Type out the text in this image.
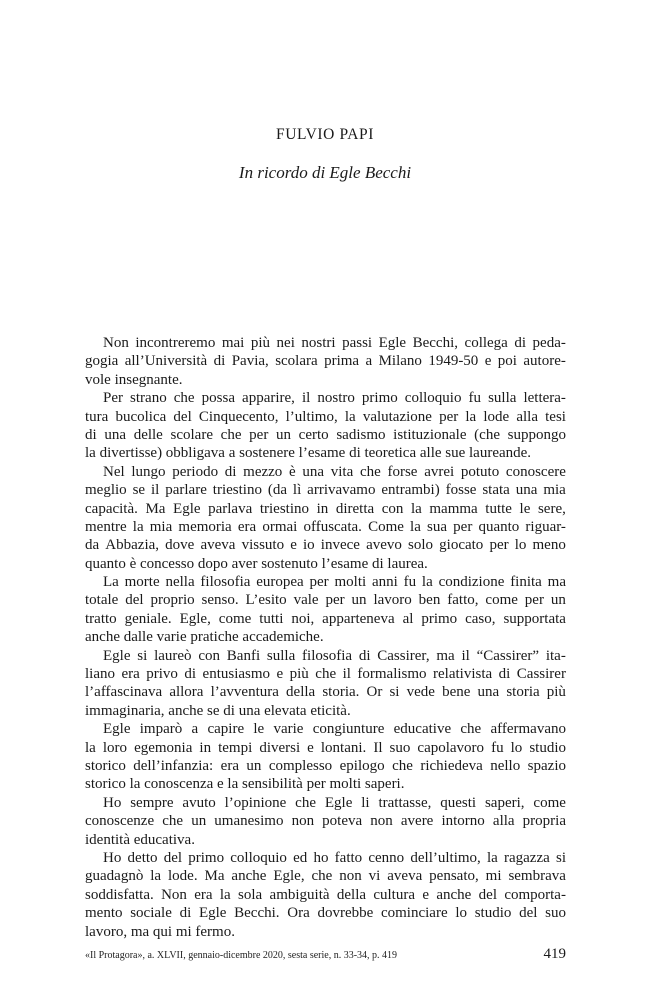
FULVIO PAPI
In ricordo di Egle Becchi
Non incontreremo mai più nei nostri passi Egle Becchi, collega di peda-
gogia all’Università di Pavia, scolara prima a Milano 1949-50 e poi autore-
vole insegnante.
Per strano che possa apparire, il nostro primo colloquio fu sulla lettera-
tura bucolica del Cinquecento, l’ultimo, la valutazione per la lode alla tesi
di una delle scolare che per un certo sadismo istituzionale (che suppongo
la divertisse) obbligava a sostenere l’esame di teoretica alle sue laureande.
Nel lungo periodo di mezzo è una vita che forse avrei potuto conoscere
meglio se il parlare triestino (da lì arrivavamo entrambi) fosse stata una mia
capacità. Ma Egle parlava triestino in diretta con la mamma tutte le sere,
mentre la mia memoria era ormai offuscata. Come la sua per quanto riguar-
da Abbazia, dove aveva vissuto e io invece avevo solo giocato per lo meno
quanto è concesso dopo aver sostenuto l’esame di laurea.
La morte nella filosofia europea per molti anni fu la condizione finita ma
totale del proprio senso. L’esito vale per un lavoro ben fatto, come per un
tratto geniale. Egle, come tutti noi, apparteneva al primo caso, supportata
anche dalle varie pratiche accademiche.
Egle si laureò con Banfi sulla filosofia di Cassirer, ma il “Cassirer” ita-
liano era privo di entusiasmo e più che il formalismo relativista di Cassirer
l’affascinava allora l’avventura della storia. Or si vede bene una storia più
immaginaria, anche se di una elevata eticità.
Egle imparò a capire le varie congiunture educative che affermavano
la loro egemonia in tempi diversi e lontani. Il suo capolavoro fu lo studio
storico dell’infanzia: era un complesso epilogo che richiedeva nello spazio
storico la conoscenza e la sensibilità per molti saperi.
Ho sempre avuto l’opinione che Egle li trattasse, questi saperi, come
conoscenze che un umanesimo non poteva non avere intorno alla propria
identità educativa.
Ho detto del primo colloquio ed ho fatto cenno dell’ultimo, la ragazza si
guadagnò la lode. Ma anche Egle, che non vi aveva pensato, mi sembrava
soddisfatta. Non era la sola ambiguità della cultura e anche del comporta-
mento sociale di Egle Becchi. Ora dovrebbe cominciare lo studio del suo
lavoro, ma qui mi fermo.
«Il Protagora», a. XLVII, gennaio-dicembre 2020, sesta serie, n. 33-34, p. 419	419
